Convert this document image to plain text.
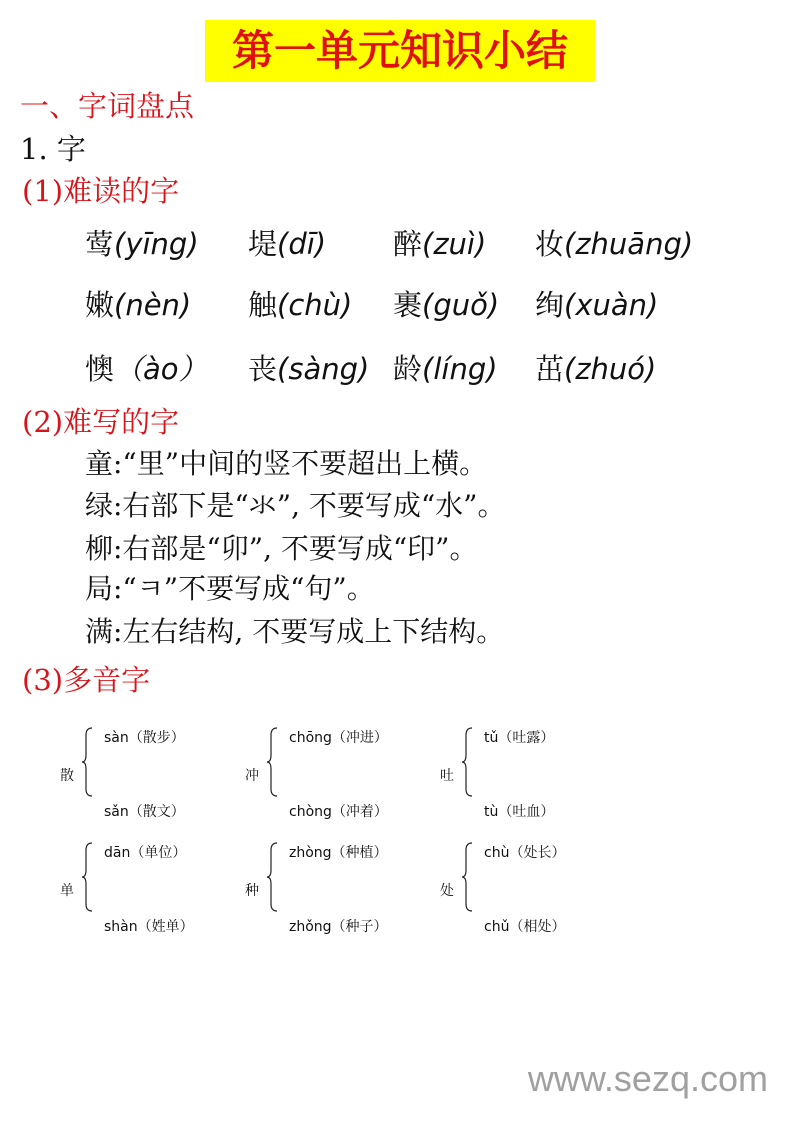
第一单元知识小结
一、字词盘点
1. 字
(1)难读的字
(2)难写的字
(3)多音字
www.sezq.com
莺(yīng) 堤(dī) 醉(zuì) 妆(zhuāng)
嫩(nèn) 触(chù) 裹(guǒ) 绚(xuàn)
懊（ào） 丧(sàng) 龄(líng) 茁(zhuó)
童:“里”中间的竖不要超出上横。
绿:右部下是“氺”, 不要写成“水”。
柳:右部是“卯”, 不要写成“印”。
局:“ㅋ”不要写成“句”。
满:左右结构, 不要写成上下结构。
散
sàn（散步）
sǎn（散文）
冲
chōng（冲进）
chòng（冲着）
吐
tǔ（吐露）
tù（吐血）
单
dān（单位）
shàn（姓单）
种
zhòng（种植）
zhǒng（种子）
处
chù（处长）
chǔ（相处）
